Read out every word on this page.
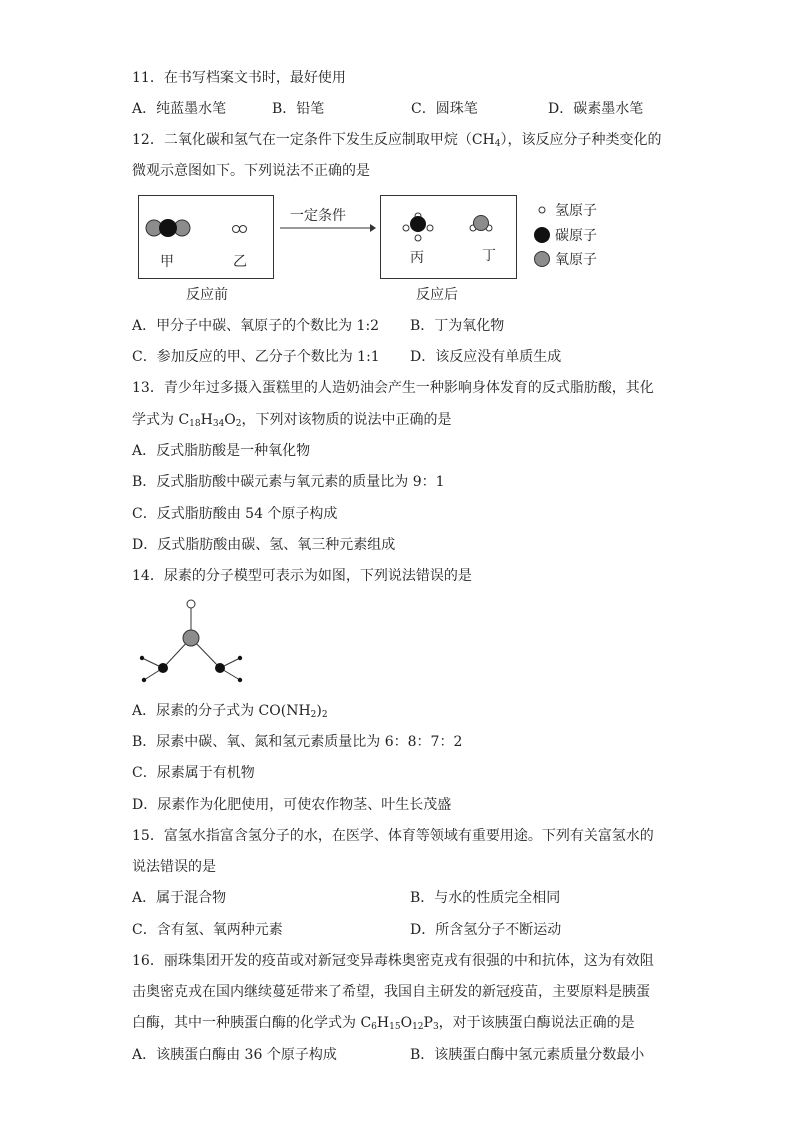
11．在书写档案文书时，最好使用
A．纯蓝墨水笔	B．铅笔	C．圆珠笔	D．碳素墨水笔
12．二氧化碳和氢气在一定条件下发生反应制取甲烷$(CH_4)$，该反应分子种类变化的
微观示意图如下。下列说法不正确的是
甲	乙
一定条件
丙	丁
反应前	反应后
氢原子
碳原子
氧原子
A．甲分子中碳、氧原子的个数比为 1:2 B．丁为氧化物
C．参加反应的甲、乙分子个数比为 1:1 D．该反应没有单质生成
13．青少年过多摄入蛋糕里的人造奶油会产生一种影响身体发育的反式脂肪酸，其化
学式为 $C_{18}H_{34}O_2$，下列对该物质的说法中正确的是
A．反式脂肪酸是一种氧化物
B．反式脂肪酸中碳元素与氧元素的质量比为 9：1
C．反式脂肪酸由 54 个原子构成
D．反式脂肪酸由碳、氢、氧三种元素组成
14．尿素的分子模型可表示为如图，下列说法错误的是
A．尿素的分子式为 $CO(NH_2)_2$
B．尿素中碳、氧、氮和氢元素质量比为 6：8：7：2
C．尿素属于有机物
D．尿素作为化肥使用，可使农作物茎、叶生长茂盛
15．富氢水指富含氢分子的水，在医学、体育等领域有重要用途。下列有关富氢水的
说法错误的是
A．属于混合物	B．与水的性质完全相同
C．含有氢、氧两种元素	D．所含氢分子不断运动
16．丽珠集团开发的疫苗或对新冠变异毒株奥密克戎有很强的中和抗体，这为有效阻
击奥密克戎在国内继续蔓延带来了希望，我国自主研发的新冠疫苗，主要原料是胰蛋
白酶，其中一种胰蛋白酶的化学式为 $C_6H_{15}O_{12}P_3$，对于该胰蛋白酶说法正确的是
A．该胰蛋白酶由 36 个原子构成	B．该胰蛋白酶中氢元素质量分数最小
